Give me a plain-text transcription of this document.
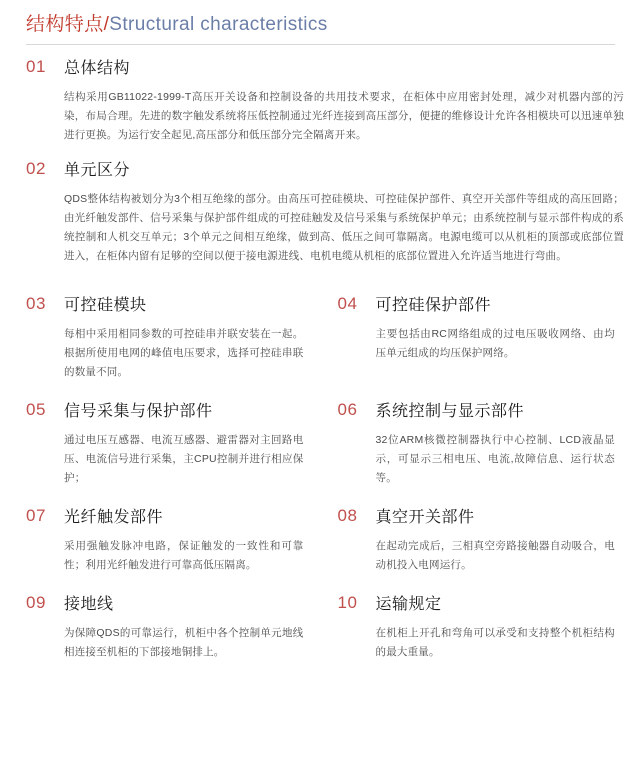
结构特点/Structural characteristics
01 总体结构
结构采用GB11022-1999-T高压开关设备和控制设备的共用技术要求，在柜体中应用密封处理，减少对机器内部的污染，布局合理。先进的数字触发系统将压低控制通过光纤连接到高压部分，便捷的维修设计允许各相模块可以迅速单独进行更换。为运行安全起见,高压部分和低压部分完全隔离开来。
02 单元区分
QDS整体结构被划分为3个相互绝缘的部分。由高压可控硅模块、可控硅保护部件、真空开关部件等组成的高压回路；由光纤触发部件、信号采集与保护部件组成的可控硅触发及信号采集与系统保护单元；由系统控制与显示部件构成的系统控制和人机交互单元；3个单元之间相互绝缘，做到高、低压之间可靠隔离。电源电缆可以从机柜的顶部或底部位置进入，在柜体内留有足够的空间以便于接电源进线、电机电缆从机柜的底部位置进入允许适当地进行弯曲。
03 可控硅模块
每相中采用相同参数的可控硅串并联安装在一起。根据所使用电网的峰值电压要求，选择可控硅串联的数量不同。
04 可控硅保护部件
主要包括由RC网络组成的过电压吸收网络、由均压单元组成的均压保护网络。
05 信号采集与保护部件
通过电压互感器、电流互感器、避雷器对主回路电压、电流信号进行采集，主CPU控制并进行相应保护；
06 系统控制与显示部件
32位ARM核微控制器执行中心控制、LCD液晶显示，可显示三相电压、电流,故障信息、运行状态等。
07 光纤触发部件
采用强触发脉冲电路，保证触发的一致性和可靠性；利用光纤触发进行可靠高低压隔离。
08 真空开关部件
在起动完成后，三相真空旁路接触器自动吸合，电动机投入电网运行。
09 接地线
为保障QDS的可靠运行，机柜中各个控制单元地线相连接至机柜的下部接地铜排上。
10 运输规定
在机柜上开孔和弯角可以承受和支持整个机柜结构的最大重量。
